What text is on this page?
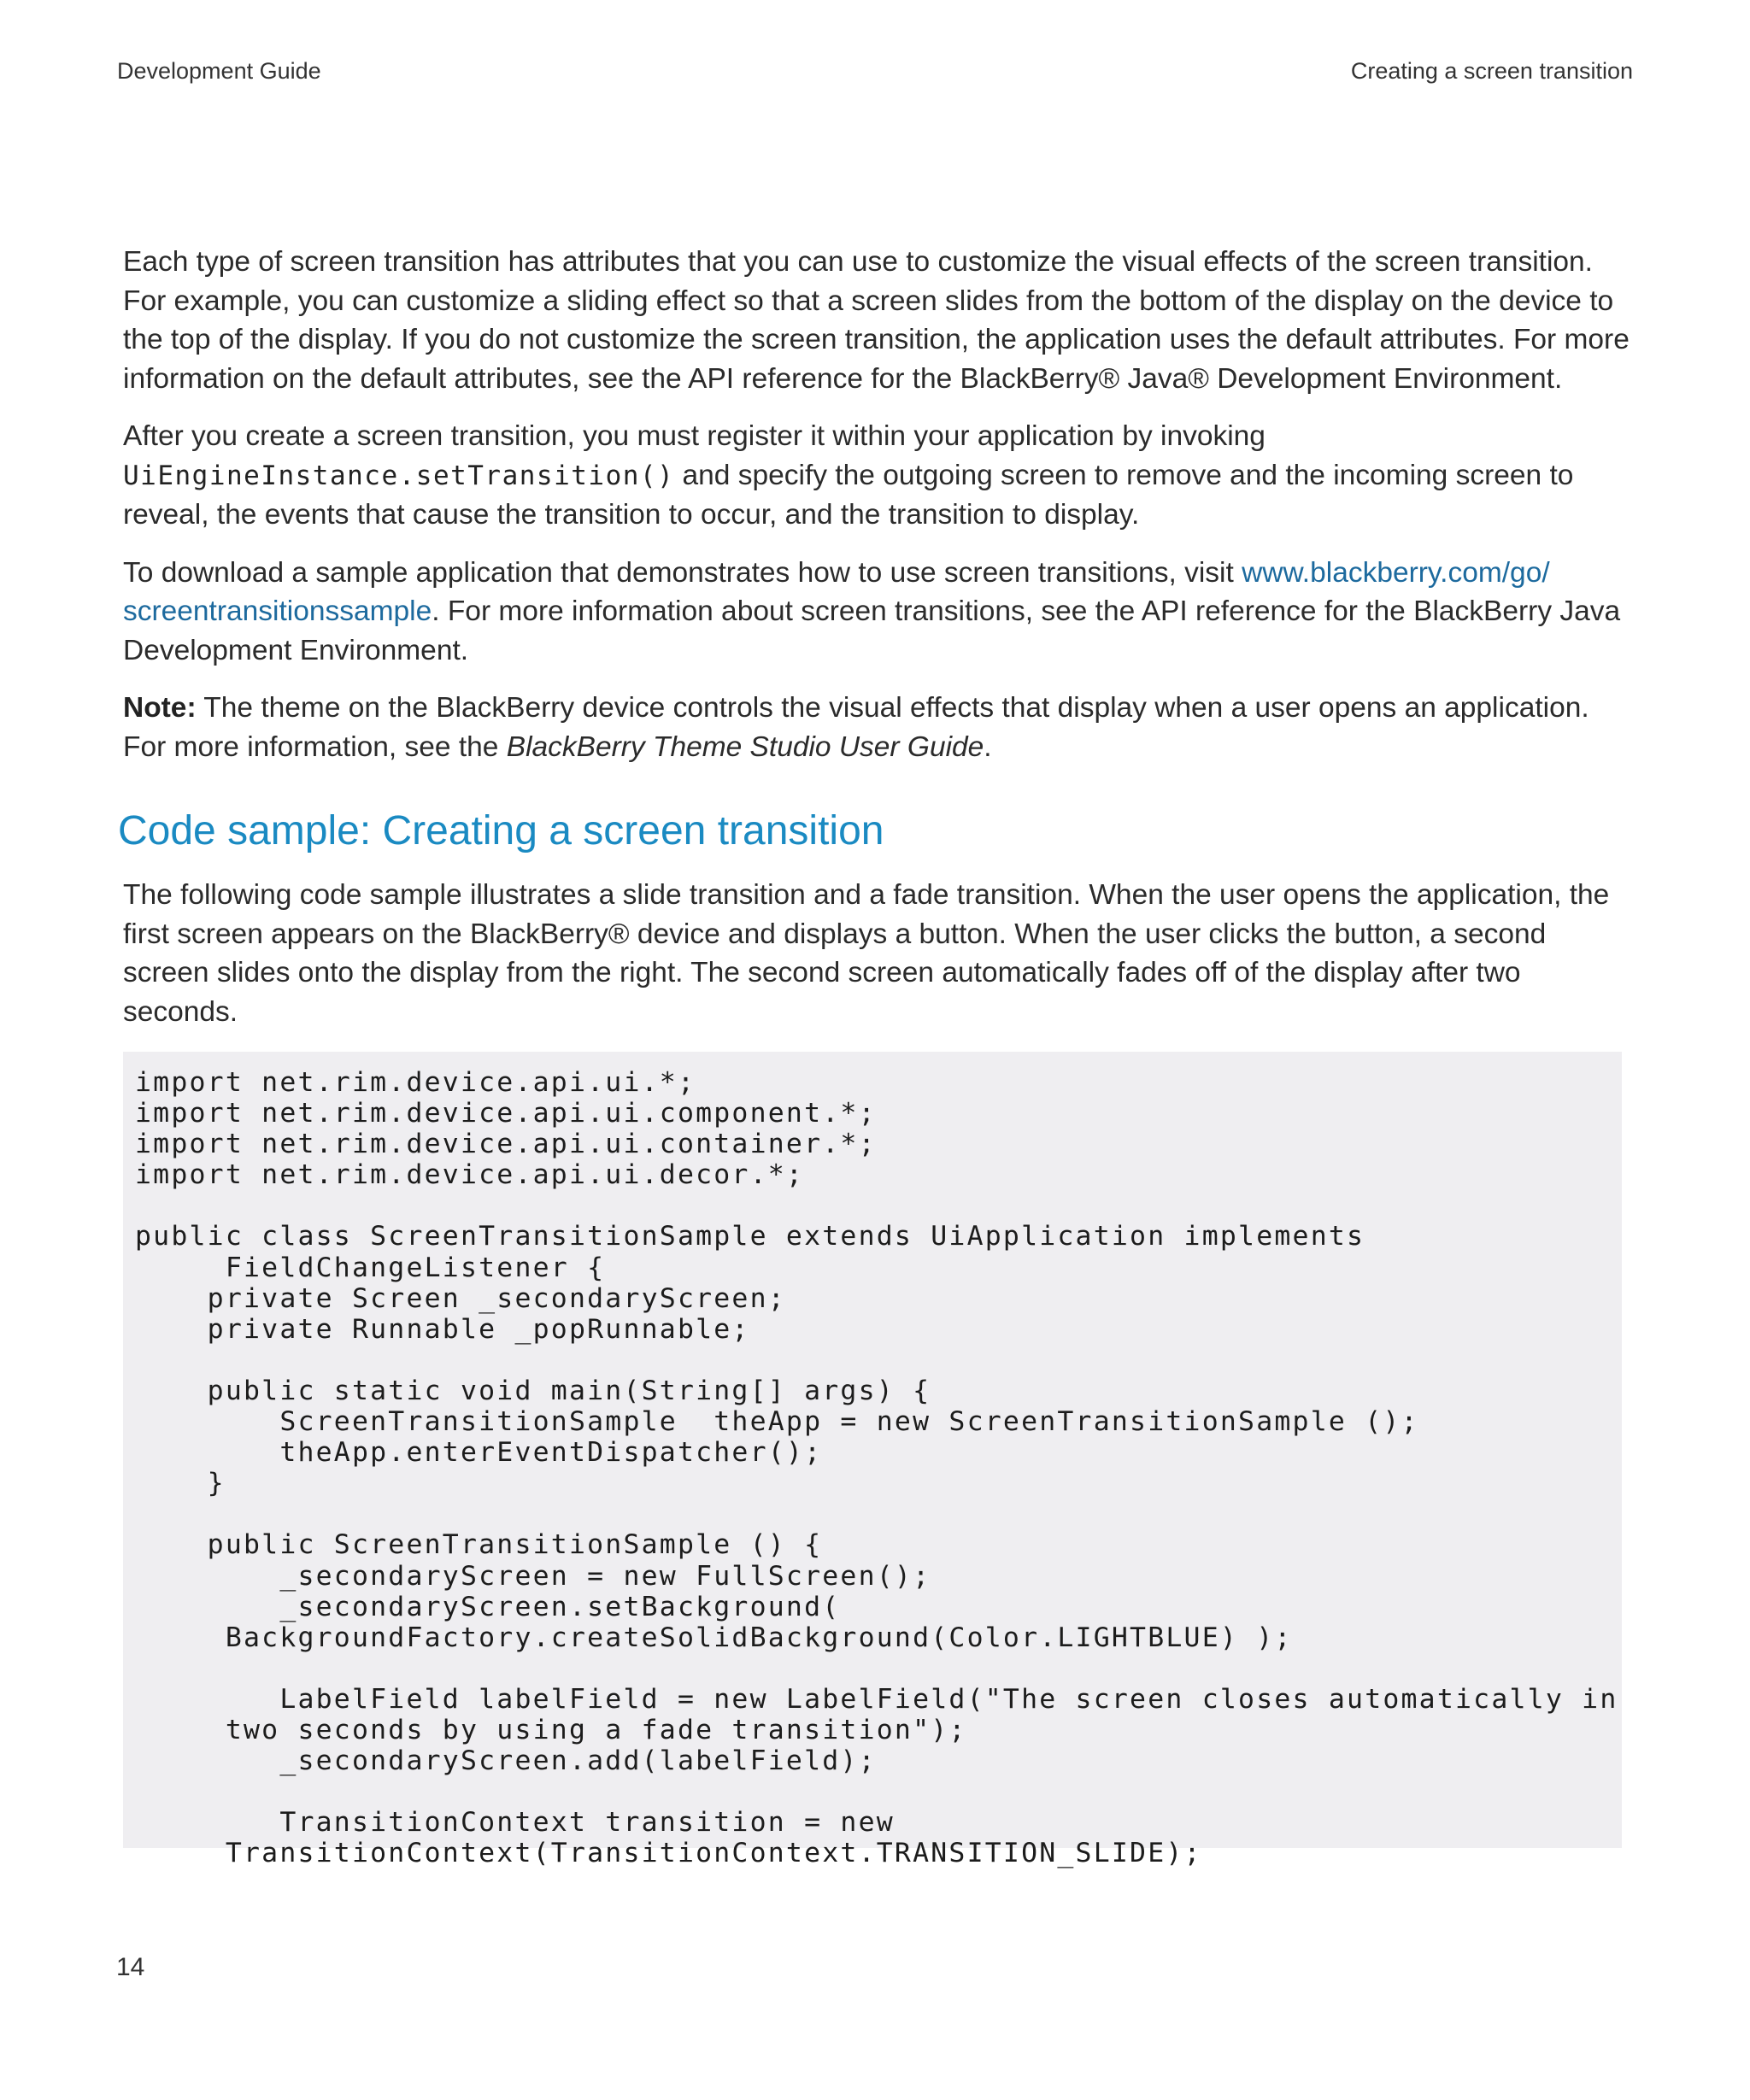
Development Guide	Creating a screen transition

Each type of screen transition has attributes that you can use to customize the visual effects of the screen transition. For example, you can customize a sliding effect so that a screen slides from the bottom of the display on the device to the top of the display. If you do not customize the screen transition, the application uses the default attributes. For more information on the default attributes, see the API reference for the BlackBerry® Java® Development Environment.

After you create a screen transition, you must register it within your application by invoking
UiEngineInstance.setTransition() and specify the outgoing screen to remove and the incoming screen to reveal, the events that cause the transition to occur, and the transition to display.

To download a sample application that demonstrates how to use screen transitions, visit www.blackberry.com/go/ screentransitionssample. For more information about screen transitions, see the API reference for the BlackBerry Java Development Environment.

Note: The theme on the BlackBerry device controls the visual effects that display when a user opens an application. For more information, see the BlackBerry Theme Studio User Guide.

Code sample: Creating a screen transition

The following code sample illustrates a slide transition and a fade transition. When the user opens the application, the first screen appears on the BlackBerry® device and displays a button. When the user clicks the button, a second screen slides onto the display from the right. The second screen automatically fades off of the display after two seconds.

import net.rim.device.api.ui.*;
import net.rim.device.api.ui.component.*;
import net.rim.device.api.ui.container.*;
import net.rim.device.api.ui.decor.*;

public class ScreenTransitionSample extends UiApplication implements
FieldChangeListener {
private Screen _secondaryScreen;
private Runnable _popRunnable;

public static void main(String[] args) {
ScreenTransitionSample  theApp = new ScreenTransitionSample ();
theApp.enterEventDispatcher();
}

public ScreenTransitionSample () {
_secondaryScreen = new FullScreen();
_secondaryScreen.setBackground(
BackgroundFactory.createSolidBackground(Color.LIGHTBLUE) );

LabelField labelField = new LabelField("The screen closes automatically in
two seconds by using a fade transition");
_secondaryScreen.add(labelField);

TransitionContext transition = new
TransitionContext(TransitionContext.TRANSITION_SLIDE);
14
